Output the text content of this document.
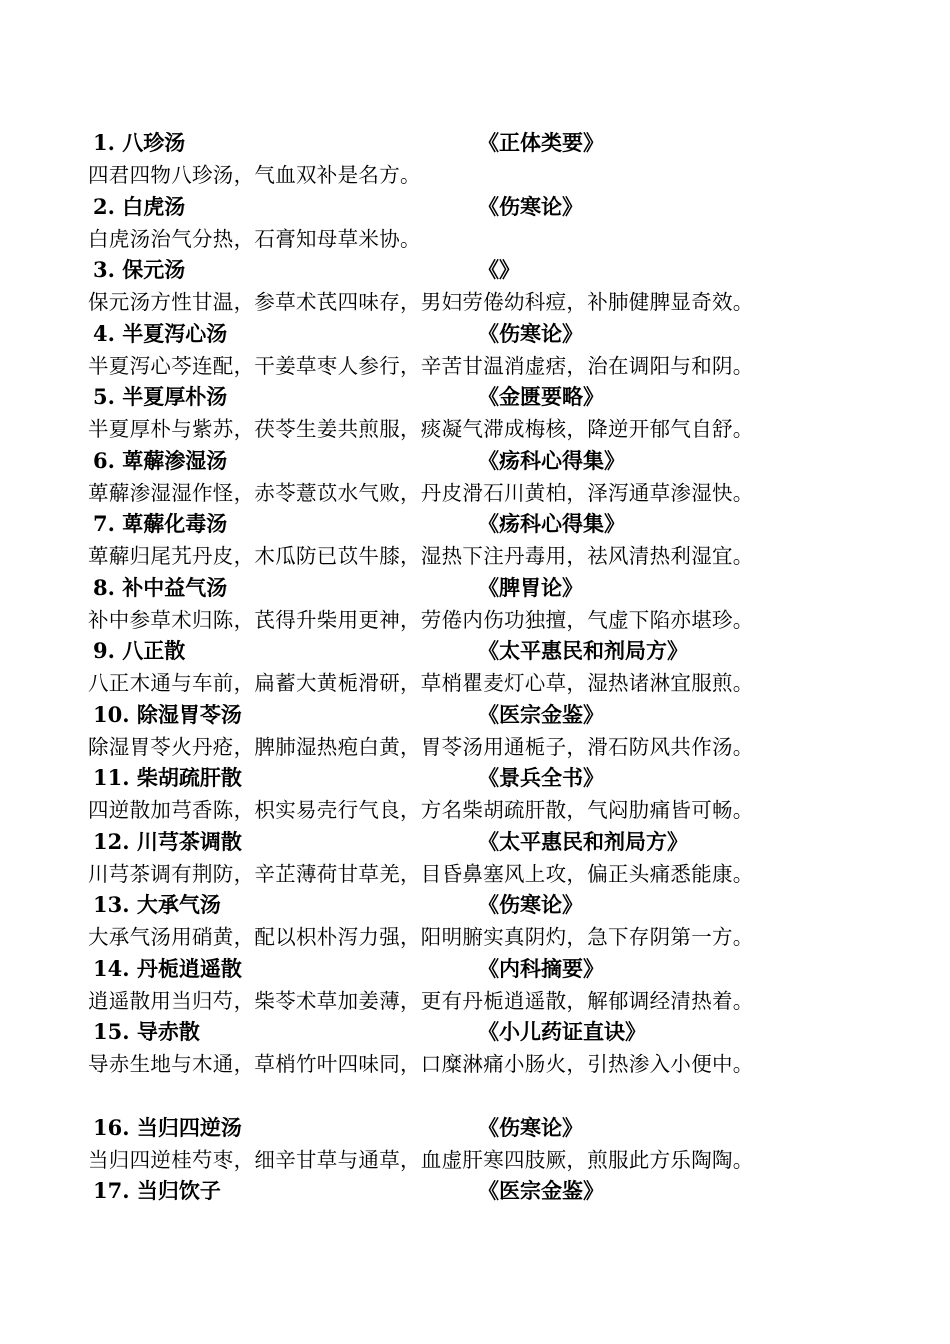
1. 八珍汤	《正体类要》
四君四物八珍汤，气血双补是名方。
2. 白虎汤	《伤寒论》
白虎汤治气分热，石膏知母草米协。
3. 保元汤	《》
保元汤方性甘温，参草术芪四味存，男妇劳倦幼科痘，补肺健脾显奇效。
4. 半夏泻心汤	《伤寒论》
半夏泻心芩连配，干姜草枣人参行，辛苦甘温消虚痞，治在调阳与和阴。
5. 半夏厚朴汤	《金匮要略》
半夏厚朴与紫苏，茯苓生姜共煎服，痰凝气滞成梅核，降逆开郁气自舒。
6. 萆薢渗湿汤	《疡科心得集》
萆薢渗湿湿作怪，赤苓薏苡水气败，丹皮滑石川黄柏，泽泻通草渗湿快。
7. 萆薢化毒汤	《疡科心得集》
萆薢归尾艽丹皮，木瓜防已苡牛膝，湿热下注丹毒用，祛风清热利湿宜。
8. 补中益气汤	《脾胃论》
补中参草术归陈，芪得升柴用更神，劳倦内伤功独擅，气虚下陷亦堪珍。
9. 八正散	《太平惠民和剂局方》
八正木通与车前，扁蓄大黄栀滑研，草梢瞿麦灯心草，湿热诸淋宜服煎。
10. 除湿胃苓汤	《医宗金鉴》
除湿胃苓火丹疮，脾肺湿热疱白黄，胃苓汤用通栀子，滑石防风共作汤。
11. 柴胡疏肝散	《景兵全书》
四逆散加芎香陈，枳实易壳行气良，方名柴胡疏肝散，气闷肋痛皆可畅。
12. 川芎茶调散	《太平惠民和剂局方》
川芎茶调有荆防，辛芷薄荷甘草羌，目昏鼻塞风上攻，偏正头痛悉能康。
13. 大承气汤	《伤寒论》
大承气汤用硝黄，配以枳朴泻力强，阳明腑实真阴灼，急下存阴第一方。
14. 丹栀逍遥散	《内科摘要》
逍遥散用当归芍，柴苓术草加姜薄，更有丹栀逍遥散，解郁调经清热着。
15. 导赤散	《小儿药证直诀》
导赤生地与木通，草梢竹叶四味同，口糜淋痛小肠火，引热渗入小便中。
16. 当归四逆汤	《伤寒论》
当归四逆桂芍枣，细辛甘草与通草，血虚肝寒四肢厥，煎服此方乐陶陶。
17. 当归饮子	《医宗金鉴》
